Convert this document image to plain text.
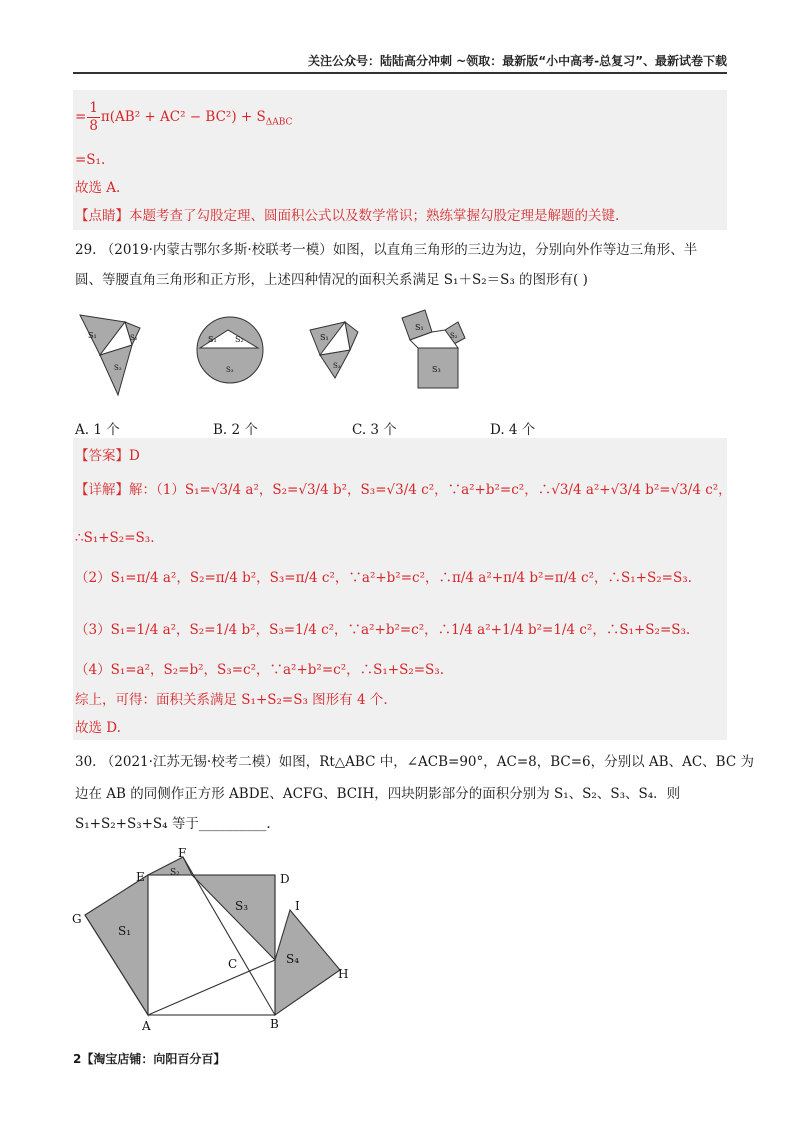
关注公众号：陆陆高分冲刺 ~领取：最新版“小中高考-总复习”、最新试卷下载
= $\frac{1}{8} \pi(AB^2 + AC^2 - BC^2) + S_{\Delta ABC}$
=S₁.
故选 A.
【点睛】本题考查了勾股定理、圆面积公式以及数学常识；熟练掌握勾股定理是解题的关键.
29. （2019·内蒙古鄂尔多斯·校联考一模）如图，以直角三角形的三边为边，分别向外作等边三角形、半
圆、等腰直角三角形和正方形，上述四种情况的面积关系满足 S₁＋S₂＝S₃ 的图形有( )
S₁	S₂
S₃
S₁ S₂
S₃
S₁
S₃
S₁
S₂
S₃
A. 1 个	B. 2 个	C. 3 个	D. 4 个
【答案】D
【详解】解：（1）S₁=√3/4 a²，S₂=√3/4 b²，S₃=√3/4 c²，∵a²+b²=c²，∴√3/4 a²+√3/4 b²=√3/4 c²，
∴S₁+S₂=S₃.
（2）S₁=π/4 a²，S₂=π/4 b²，S₃=π/4 c²，∵a²+b²=c²，∴π/4 a²+π/4 b²=π/4 c²，∴S₁+S₂=S₃.
（3）S₁=1/4 a²，S₂=1/4 b²，S₃=1/4 c²，∵a²+b²=c²，∴1/4 a²+1/4 b²=1/4 c²，∴S₁+S₂=S₃.
（4）S₁=a²，S₂=b²，S₃=c²，∵a²+b²=c²，∴S₁+S₂=S₃.
综上，可得：面积关系满足 S₁+S₂=S₃ 图形有 4 个.
故选 D.
30. （2021·江苏无锡·校考二模）如图，Rt△ABC 中，∠ACB=90°，AC=8，BC=6，分别以 AB、AC、BC 为
边在 AB 的同侧作正方形 ABDE、ACFG、BCIH，四块阴影部分的面积分别为 S₁、S₂、S₃、S₄．则
S₁+S₂+S₃+S₄ 等于__________.
A	B
C
D
E
F
G
H
I
S₁
S₂
S₃
S₄
2【淘宝店铺：向阳百分百】
